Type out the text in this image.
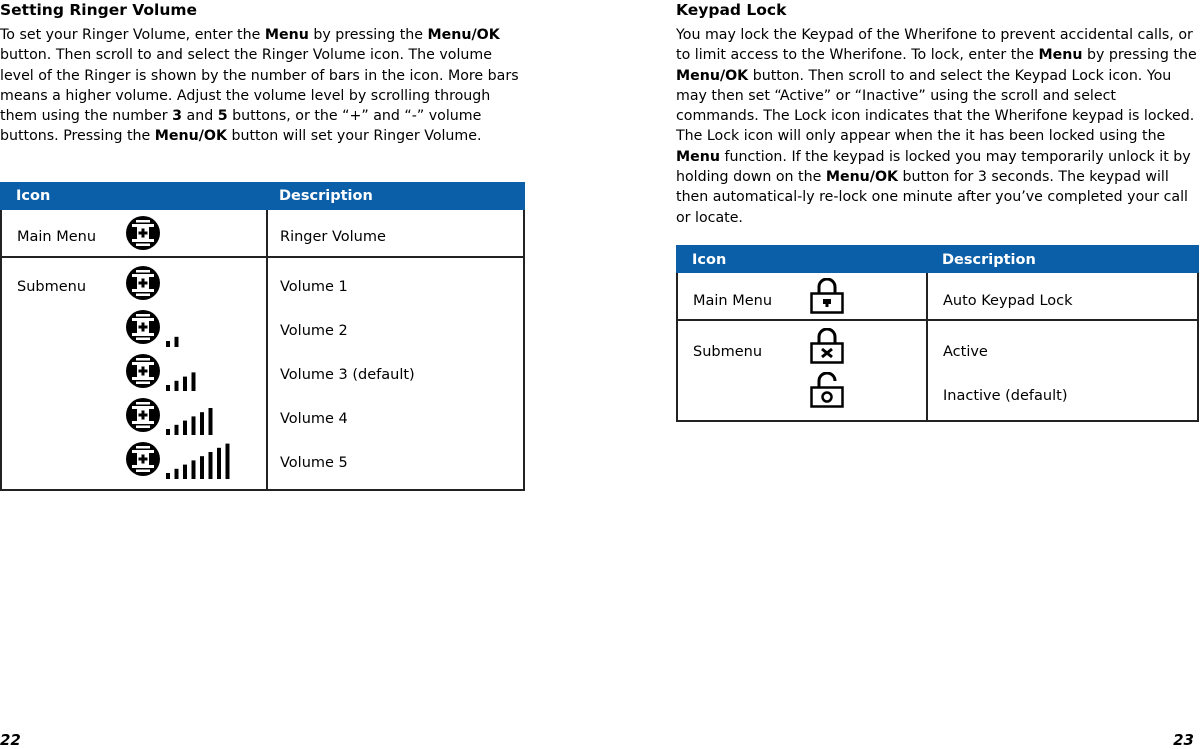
Setting Ringer Volume
To set your Ringer Volume, enter the Menu by pressing the Menu/OK button. Then scroll to and select the Ringer Volume icon. The volume level of the Ringer is shown by the number of bars in the icon. More bars means a higher volume. Adjust the volume level by scrolling through them using the number 3 and 5 buttons, or the “+” and “-” volume buttons. Pressing the Menu/OK button will set your Ringer Volume.
Icon	Description
Main Menu	Ringer Volume
Submenu	Volume 1
Volume 2
Volume 3 (default)
Volume 4
Volume 5
22
Keypad Lock
You may lock the Keypad of the Wherifone to prevent accidental calls, or to limit access to the Wherifone. To lock, enter the Menu by pressing the Menu/OK button. Then scroll to and select the Keypad Lock icon. You may then set “Active” or “Inactive” using the scroll and select commands. The Lock icon indicates that the Wherifone keypad is locked. The Lock icon will only appear when the it has been locked using the Menu function. If the keypad is locked you may temporarily unlock it by holding down on the Menu/OK button for 3 seconds. The keypad will then automatical-ly re-lock one minute after you’ve completed your call or locate.
Icon	Description
Main Menu	Auto Keypad Lock
Submenu	Active
Inactive (default)
23
